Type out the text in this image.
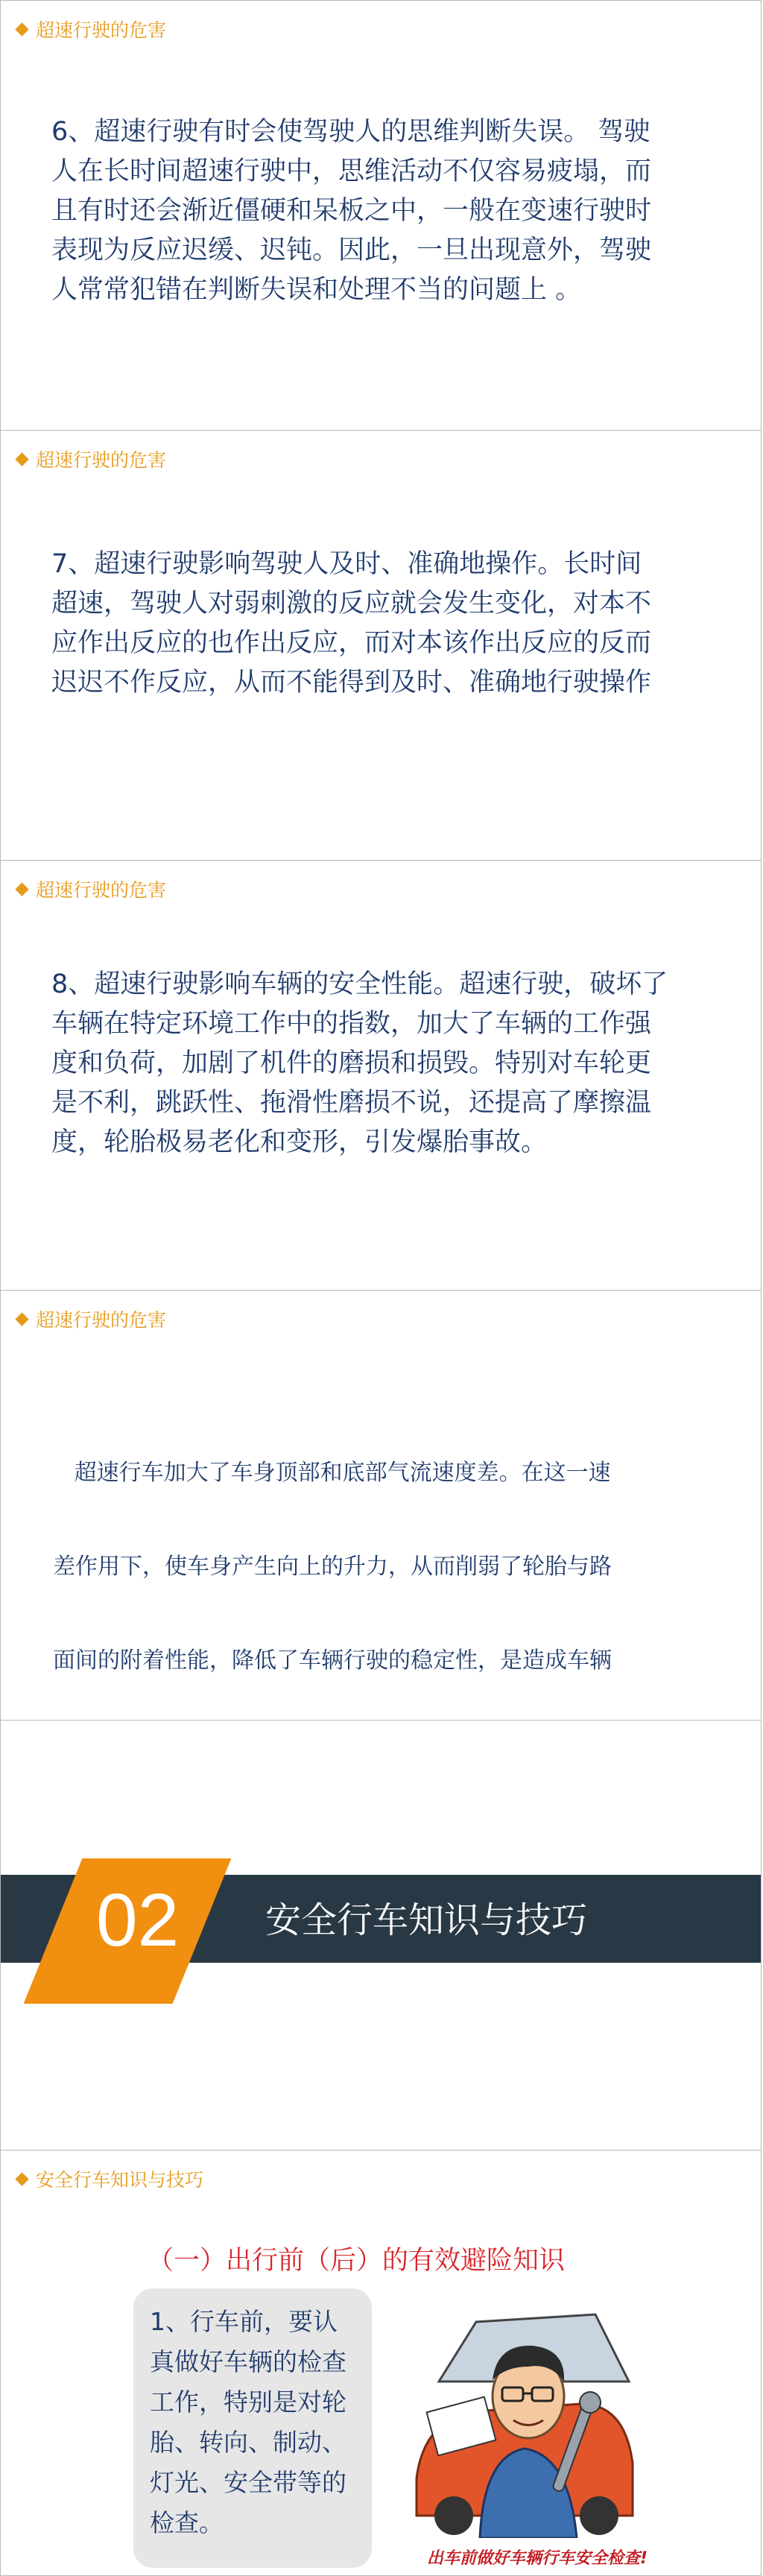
超速行驶的危害
6、超速行驶有时会使驾驶人的思维判断失误。 驾驶
人在长时间超速行驶中，思维活动不仅容易疲塌，而
且有时还会渐近僵硬和呆板之中，一般在变速行驶时
表现为反应迟缓、迟钝。因此，一旦出现意外，驾驶
人常常犯错在判断失误和处理不当的问题上 。
超速行驶的危害
7、超速行驶影响驾驶人及时、准确地操作。长时间
超速，驾驶人对弱刺激的反应就会发生变化，对本不
应作出反应的也作出反应，而对本该作出反应的反而
迟迟不作反应，从而不能得到及时、准确地行驶操作
超速行驶的危害
8、超速行驶影响车辆的安全性能。超速行驶，破坏了
车辆在特定环境工作中的指数，加大了车辆的工作强
度和负荷，加剧了机件的磨损和损毁。特别对车轮更
是不利，跳跃性、拖滑性磨损不说，还提高了摩擦温
度，轮胎极易老化和变形，引发爆胎事故。
超速行驶的危害

超速行车加大了车身顶部和底部气流速度差。在这一速

差作用下，使车身产生向上的升力，从而削弱了轮胎与路

面间的附着性能，降低了车辆行驶的稳定性，是造成车辆

02 安全行车知识与技巧
安全行车知识与技巧
（一）出行前（后）的有效避险知识
1、行车前，要认
真做好车辆的检查
工作，特别是对轮
胎、转向、制动、
灯光、安全带等的
检查。
出车前做好车辆行车安全检查!
